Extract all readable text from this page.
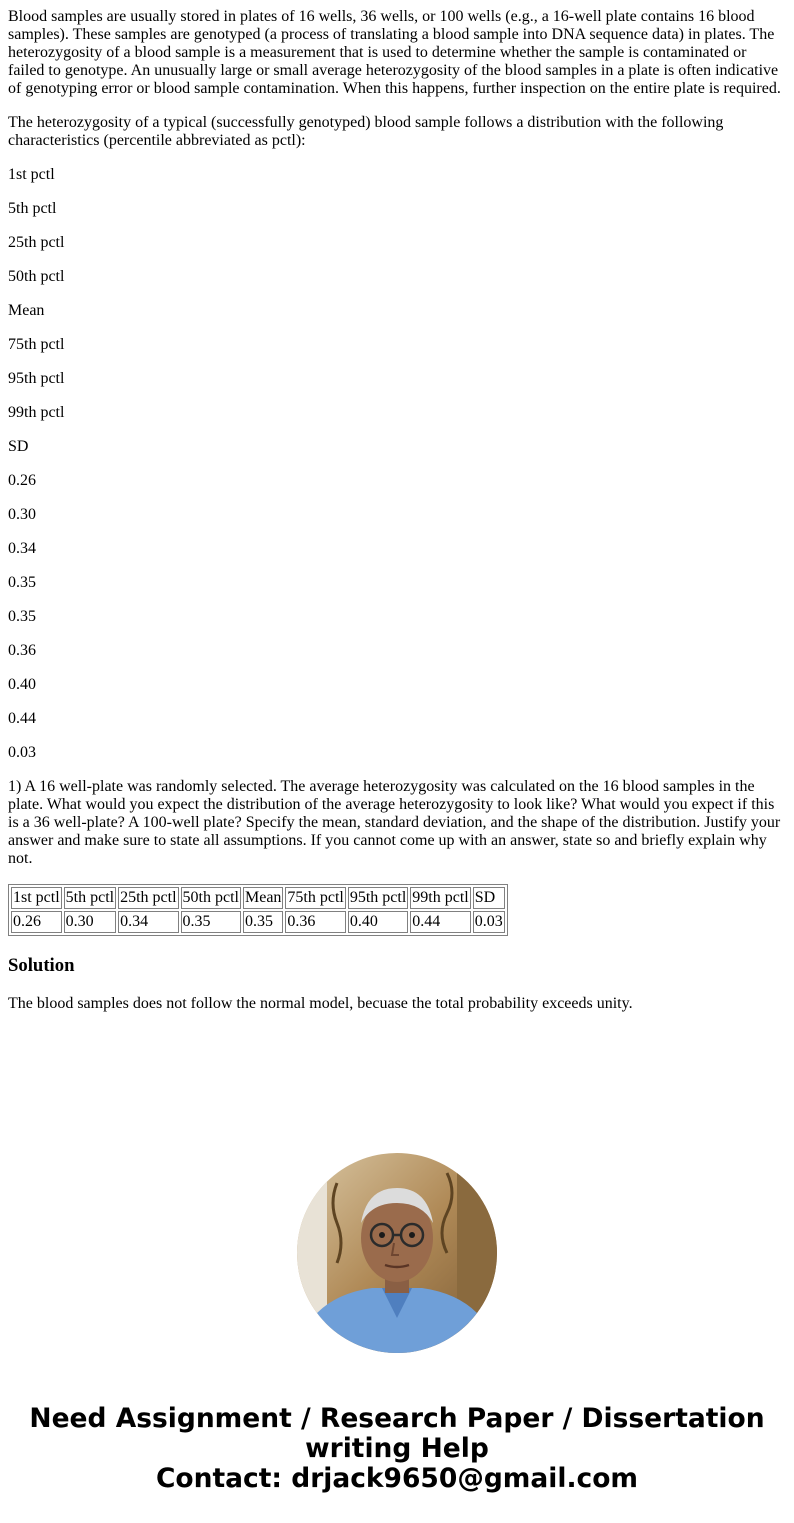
Blood samples are usually stored in plates of 16 wells, 36 wells, or 100 wells (e.g., a 16-well plate contains 16 blood samples). These samples are genotyped (a process of translating a blood sample into DNA sequence data) in plates. The heterozygosity of a blood sample is a measurement that is used to determine whether the sample is contaminated or failed to genotype. An unusually large or small average heterozygosity of the blood samples in a plate is often indicative of genotyping error or blood sample contamination. When this happens, further inspection on the entire plate is required.

The heterozygosity of a typical (successfully genotyped) blood sample follows a distribution with the following characteristics (percentile abbreviated as pctl):

1st pctl

5th pctl

25th pctl

50th pctl

Mean

75th pctl

95th pctl

99th pctl

SD

0.26

0.30

0.34

0.35

0.35

0.36

0.40

0.44

0.03

1) A 16 well-plate was randomly selected. The average heterozygosity was calculated on the 16 blood samples in the plate. What would you expect the distribution of the average heterozygosity to look like? What would you expect if this is a 36 well-plate? A 100-well plate? Specify the mean, standard deviation, and the shape of the distribution. Justify your answer and make sure to state all assumptions. If you cannot come up with an answer, state so and briefly explain why not.

1st pctl	5th pctl	25th pctl	50th pctl	Mean	75th pctl	95th pctl	99th pctl	SD
0.26	0.30	0.34	0.35	0.35	0.36	0.40	0.44	0.03
Solution

The blood samples does not follow the normal model, becuase the total probability exceeds unity.

Need Assignment / Research Paper / Dissertation
writing Help
Contact: drjack9650@gmail.com
